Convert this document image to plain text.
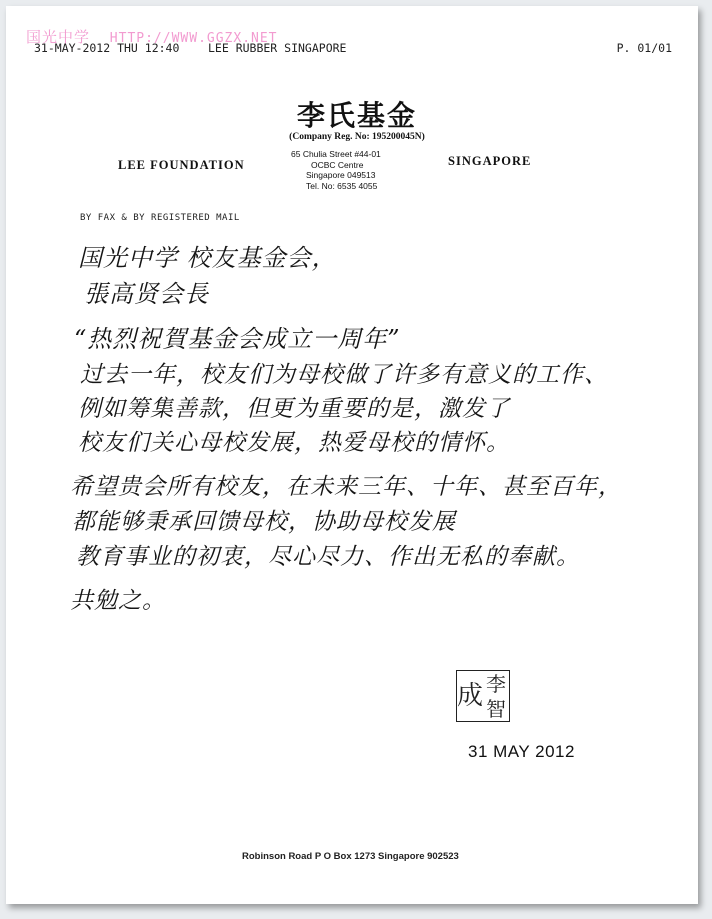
国光中学 HTTP://WWW.GGZX.NET
31-MAY-2012 THU 12:40	LEE RUBBER SINGAPORE	P. 01/01
李氏基金
(Company Reg. No: 195200045N)
LEE FOUNDATION
65 Chulia Street #44-01
OCBC Centre
Singapore 049513
Tel. No: 6535 4055
SINGAPORE
BY FAX & BY REGISTERED MAIL
国光中学 校友基金会，
張高贤会長
“热烈祝賀基金会成立一周年”
过去一年，校友们为母校做了许多有意义的工作、
例如筹集善款，但更为重要的是，激发了
校友们关心母校发展，热爱母校的情怀。
希望贵会所有校友，在未来三年、十年、甚至百年，
都能够秉承回馈母校，协助母校发展
教育事业的初衷，尽心尽力、作出无私的奉献。
共勉之。
李
成 智
31 MAY 2012
Robinson Road P O Box 1273 Singapore 902523
